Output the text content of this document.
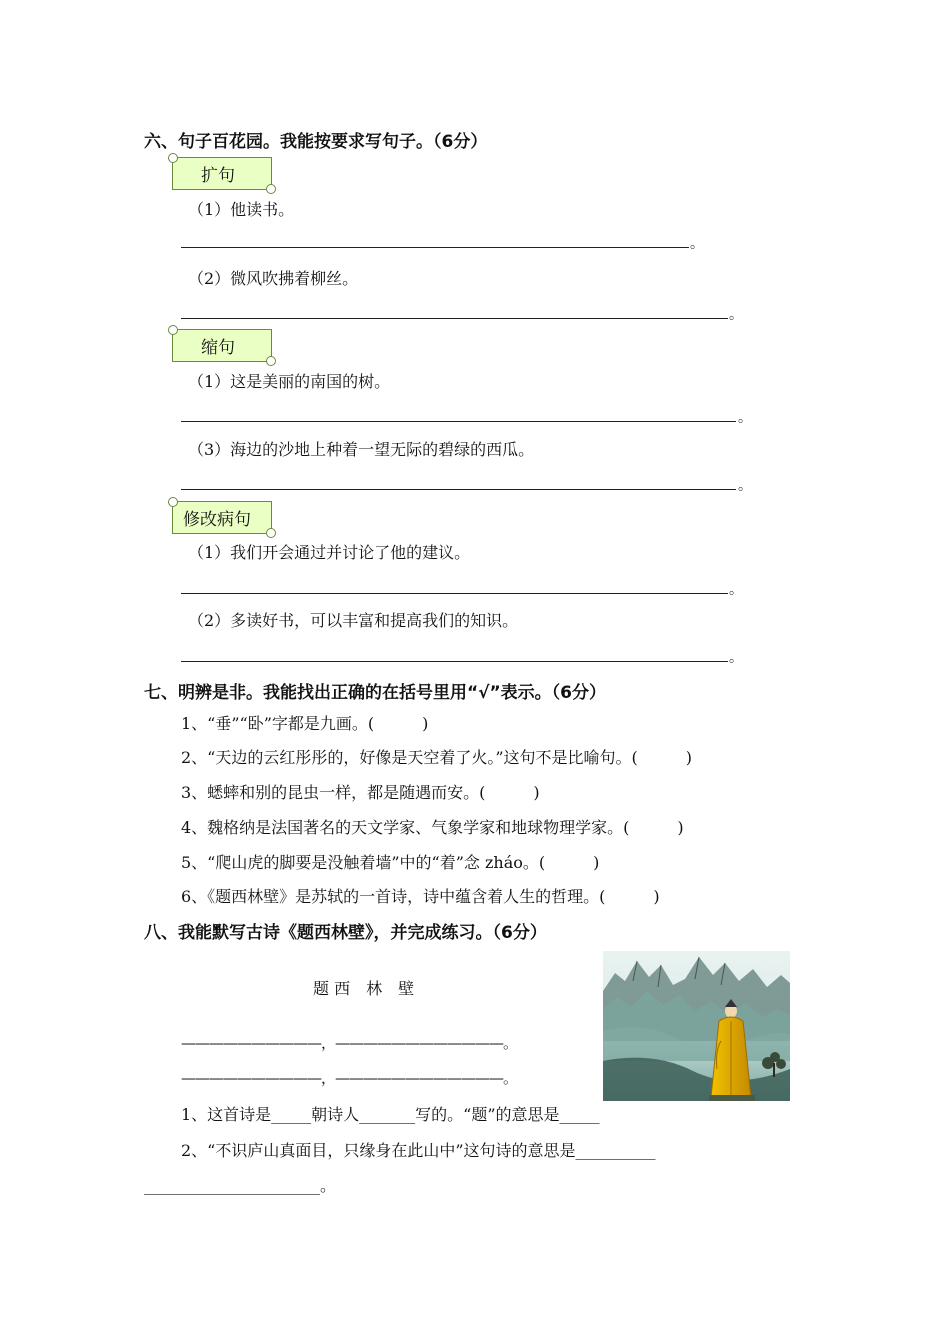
六、句子百花园。我能按要求写句子。（6分）
扩句
（1）他读书。
。
（2）微风吹拂着柳丝。
。
缩句
（1）这是美丽的南国的树。
。
（3）海边的沙地上种着一望无际的碧绿的西瓜。
。
修改病句
（1）我们开会通过并讨论了他的建议。
。
（2）多读好书，可以丰富和提高我们的知识。
。
七、明辨是非。我能找出正确的在括号里用“√”表示。（6分）
1、“垂”“卧”字都是九画。(　　　)
2、“天边的云红彤彤的，好像是天空着了火。”这句不是比喻句。(　　　)
3、蟋蟀和别的昆虫一样，都是随遇而安。(　　　)
4、魏格纳是法国著名的天文学家、气象学家和地球物理学家。(　　　)
5、“爬山虎的脚要是没触着墙”中的“着”念 zháo。(　　　)
6、《题西林壁》是苏轼的一首诗，诗中蕴含着人生的哲理。(　　　)
八、我能默写古诗《题西林壁》，并完成练习。（6分）
题 西　林　壁
——————————，————————————。
——————————，————————————。
1、这首诗是_____朝诗人_______写的。“题”的意思是_____
2、“不识庐山真面目，只缘身在此山中”这句诗的意思是__________
______________________。
